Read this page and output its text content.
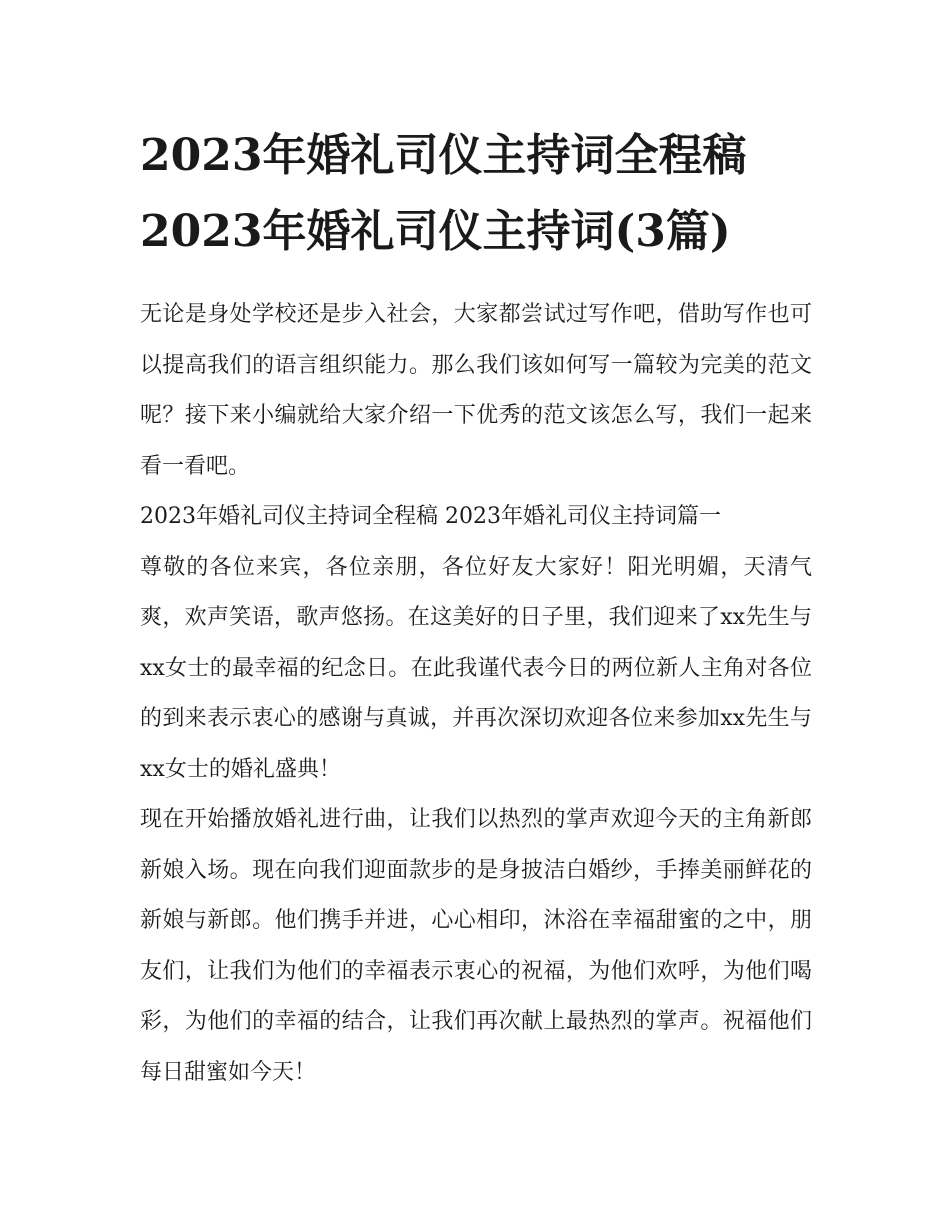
2023年婚礼司仪主持词全程稿
2023年婚礼司仪主持词(3篇)

无论是身处学校还是步入社会，大家都尝试过写作吧，借助写作也可以提高我们的语言组织能力。那么我们该如何写一篇较为完美的范文呢？接下来小编就给大家介绍一下优秀的范文该怎么写，我们一起来看一看吧。

2023年婚礼司仪主持词全程稿 2023年婚礼司仪主持词篇一

尊敬的各位来宾，各位亲朋，各位好友大家好！阳光明媚，天清气爽，欢声笑语，歌声悠扬。在这美好的日子里，我们迎来了xx先生与xx女士的最幸福的纪念日。在此我谨代表今日的两位新人主角对各位的到来表示衷心的感谢与真诚，并再次深切欢迎各位来参加xx先生与xx女士的婚礼盛典！

现在开始播放婚礼进行曲，让我们以热烈的掌声欢迎今天的主角新郎新娘入场。现在向我们迎面款步的是身披洁白婚纱，手捧美丽鲜花的新娘与新郎。他们携手并进，心心相印，沐浴在幸福甜蜜的之中，朋友们，让我们为他们的幸福表示衷心的祝福，为他们欢呼，为他们喝彩，为他们的幸福的结合，让我们再次献上最热烈的掌声。祝福他们每日甜蜜如今天！
